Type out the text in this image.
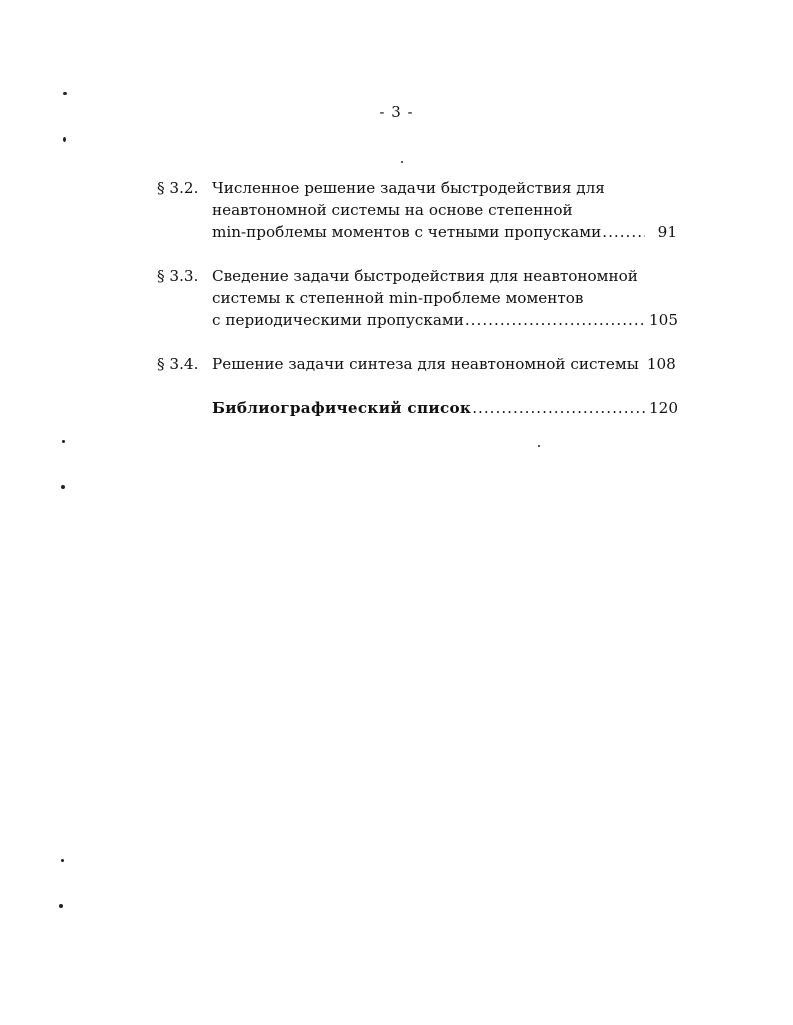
- 3 -
§ 3.2. Численное решение задачи быстродействия для
неавтономной системы на основе степенной
min-проблемы моментов с четными пропусками .....	91
§ 3.3. Сведение задачи быстродействия для неавтономной
системы к степенной min-проблеме моментов
с периодическими пропусками .....	105
§ 3.4. Решение задачи синтеза для неавтономной системы 108
Библиографический список .....	120
